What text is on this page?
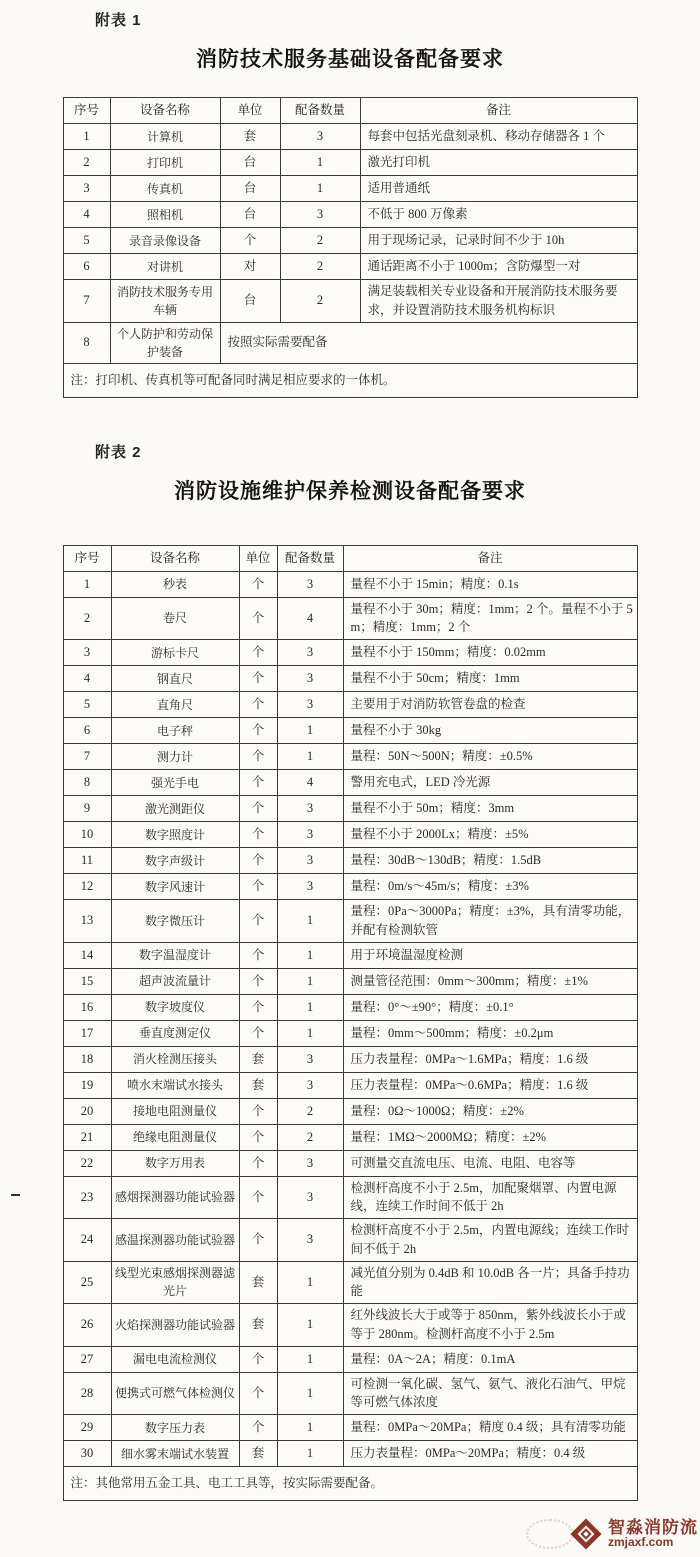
附表 1
消防技术服务基础设备配备要求
序号	设备名称	单位	配备数量	备注
1	计算机	套	3	每套中包括光盘刻录机、移动存储器各 1 个
2	打印机	台	1	激光打印机
3	传真机	台	1	适用普通纸
4	照相机	台	3	不低于 800 万像素
5	录音录像设备	个	2	用于现场记录，记录时间不少于 10h
6	对讲机	对	2	通话距离不小于 1000m；含防爆型一对
7	消防技术服务专用车辆	台	2	满足装载相关专业设备和开展消防技术服务要求，并设置消防技术服务机构标识
8	个人防护和劳动保护装备	按照实际需要配备		
注：打印机、传真机等可配备同时满足相应要求的一体机。				
附表 2
消防设施维护保养检测设备配备要求
序号	设备名称	单位	配备数量	备注
1	秒表	个	3	量程不小于 15min；精度：0.1s
2	卷尺	个	4	量程不小于 30m；精度：1mm；2 个。量程不小于 5m；精度：1mm；2 个
3	游标卡尺	个	3	量程不小于 150mm；精度：0.02mm
4	钢直尺	个	3	量程不小于 50cm；精度：1mm
5	直角尺	个	3	主要用于对消防软管卷盘的检查
6	电子秤	个	1	量程不小于 30kg
7	测力计	个	1	量程：50N～500N；精度：±0.5%
8	强光手电	个	4	警用充电式，LED 冷光源
9	激光测距仪	个	3	量程不小于 50m；精度：3mm
10	数字照度计	个	3	量程不小于 2000Lx；精度：±5%
11	数字声级计	个	3	量程：30dB～130dB；精度：1.5dB
12	数字风速计	个	3	量程：0m/s～45m/s；精度：±3%
13	数字微压计	个	1	量程：0Pa～3000Pa；精度：±3%，具有清零功能，并配有检测软管
14	数字温湿度计	个	1	用于环境温湿度检测
15	超声波流量计	个	1	测量管径范围：0mm～300mm；精度：±1%
16	数字坡度仪	个	1	量程：0°～±90°；精度：±0.1°
17	垂直度测定仪	个	1	量程：0mm～500mm；精度：±0.2μm
18	消火栓测压接头	套	3	压力表量程：0MPa～1.6MPa；精度：1.6 级
19	喷水末端试水接头	套	3	压力表量程：0MPa～0.6MPa；精度：1.6 级
20	接地电阻测量仪	个	2	量程：0Ω～1000Ω；精度：±2%
21	绝缘电阻测量仪	个	2	量程：1MΩ～2000MΩ；精度：±2%
22	数字万用表	个	3	可测量交直流电压、电流、电阻、电容等
23	感烟探测器功能试验器	个	3	检测杆高度不小于 2.5m，加配聚烟罩、内置电源线，连续工作时间不低于 2h
24	感温探测器功能试验器	个	3	检测杆高度不小于 2.5m，内置电源线；连续工作时间不低于 2h
25	线型光束感烟探测器滤光片	套	1	减光值分别为 0.4dB 和 10.0dB 各一片；具备手持功能
26	火焰探测器功能试验器	套	1	红外线波长大于或等于 850nm，紫外线波长小于或等于 280nm。检测杆高度不小于 2.5m
27	漏电电流检测仪	个	1	量程：0A～2A；精度：0.1mA
28	便携式可燃气体检测仪	个	1	可检测一氧化碳、氢气、氨气、液化石油气、甲烷等可燃气体浓度
29	数字压力表	个	1	量程：0MPa～20MPa；精度 0.4 级；具有清零功能
30	细水雾末端试水装置	套	1	压力表量程：0MPa～20MPa；精度：0.4 级
注：其他常用五金工具、电工工具等，按实际需要配备。				
智淼消防流
zmjaxf.com
